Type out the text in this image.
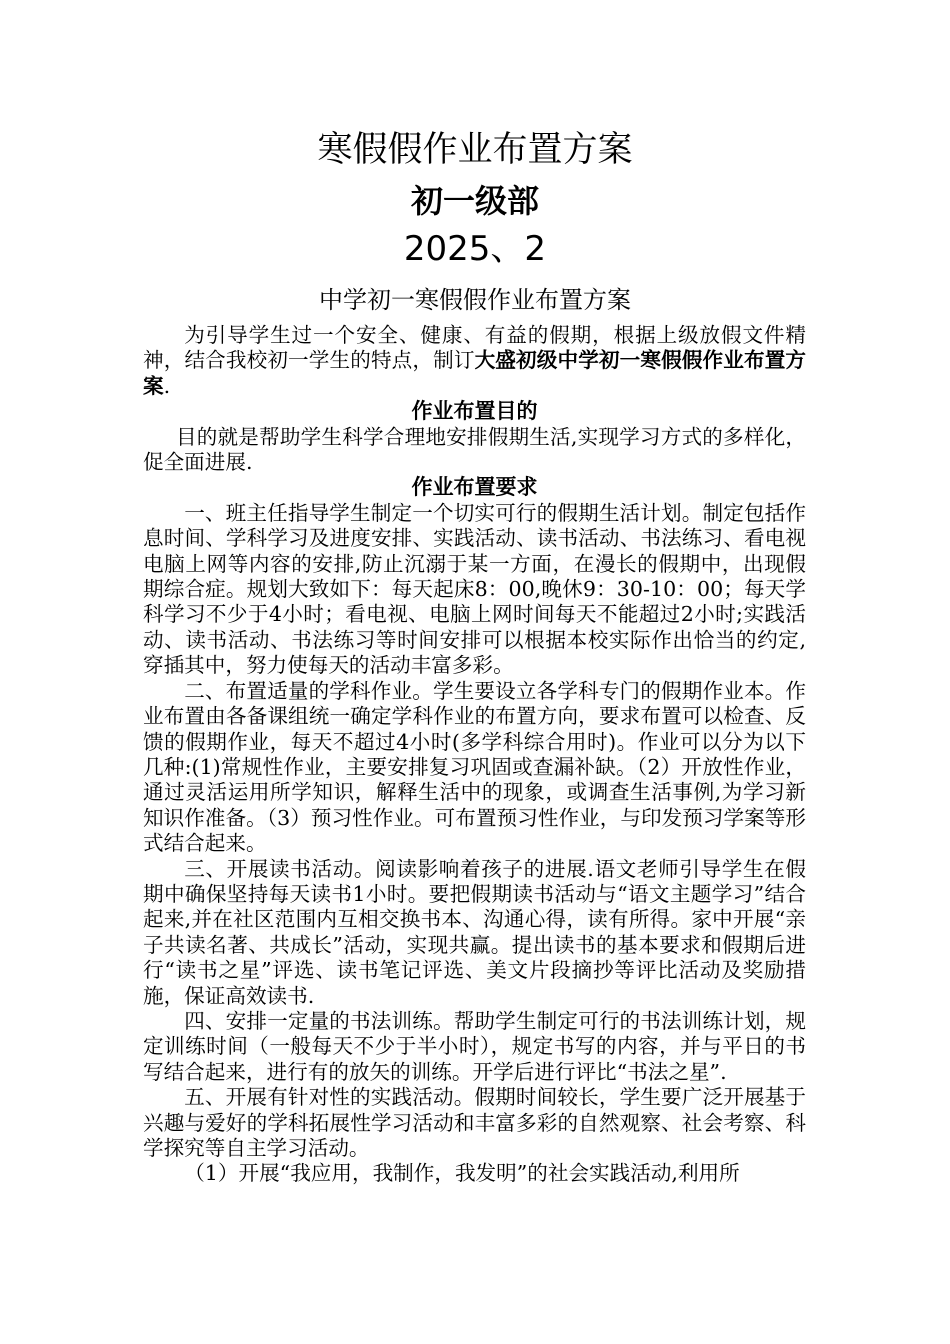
寒假假作业布置方案
初一级部
2025、2
中学初一寒假假作业布置方案

为引导学生过一个安全、健康、有益的假期，根据上级放假文件精神，结合我校初一学生的特点，制订大盛初级中学初一寒假假作业布置方案.

作业布置目的

目的就是帮助学生科学合理地安排假期生活,实现学习方式的多样化，促全面进展.

作业布置要求

一、班主任指导学生制定一个切实可行的假期生活计划。制定包括作息时间、学科学习及进度安排、实践活动、读书活动、书法练习、看电视电脑上网等内容的安排,防止沉溺于某一方面，在漫长的假期中，出现假期综合症。规划大致如下：每天起床8：00,晚休9：30-10：00；每天学科学习不少于4小时；看电视、电脑上网时间每天不能超过2小时;实践活动、读书活动、书法练习等时间安排可以根据本校实际作出恰当的约定,穿插其中，努力使每天的活动丰富多彩。

二、布置适量的学科作业。学生要设立各学科专门的假期作业本。作业布置由各备课组统一确定学科作业的布置方向，要求布置可以检查、反馈的假期作业，每天不超过4小时(多学科综合用时)。作业可以分为以下几种:(1)常规性作业，主要安排复习巩固或查漏补缺。（2）开放性作业，通过灵活运用所学知识，解释生活中的现象，或调查生活事例,为学习新知识作准备。（3）预习性作业。可布置预习性作业，与印发预习学案等形式结合起来。

三、开展读书活动。阅读影响着孩子的进展.语文老师引导学生在假期中确保坚持每天读书1小时。要把假期读书活动与“语文主题学习”结合起来,并在社区范围内互相交换书本、沟通心得，读有所得。家中开展“亲子共读名著、共成长”活动，实现共赢。提出读书的基本要求和假期后进行“读书之星”评选、读书笔记评选、美文片段摘抄等评比活动及奖励措施，保证高效读书.

四、安排一定量的书法训练。帮助学生制定可行的书法训练计划，规定训练时间（一般每天不少于半小时），规定书写的内容，并与平日的书写结合起来，进行有的放矢的训练。开学后进行评比“书法之星”.

五、开展有针对性的实践活动。假期时间较长，学生要广泛开展基于兴趣与爱好的学科拓展性学习活动和丰富多彩的自然观察、社会考察、科学探究等自主学习活动。

（1）开展“我应用，我制作，我发明”的社会实践活动,利用所
